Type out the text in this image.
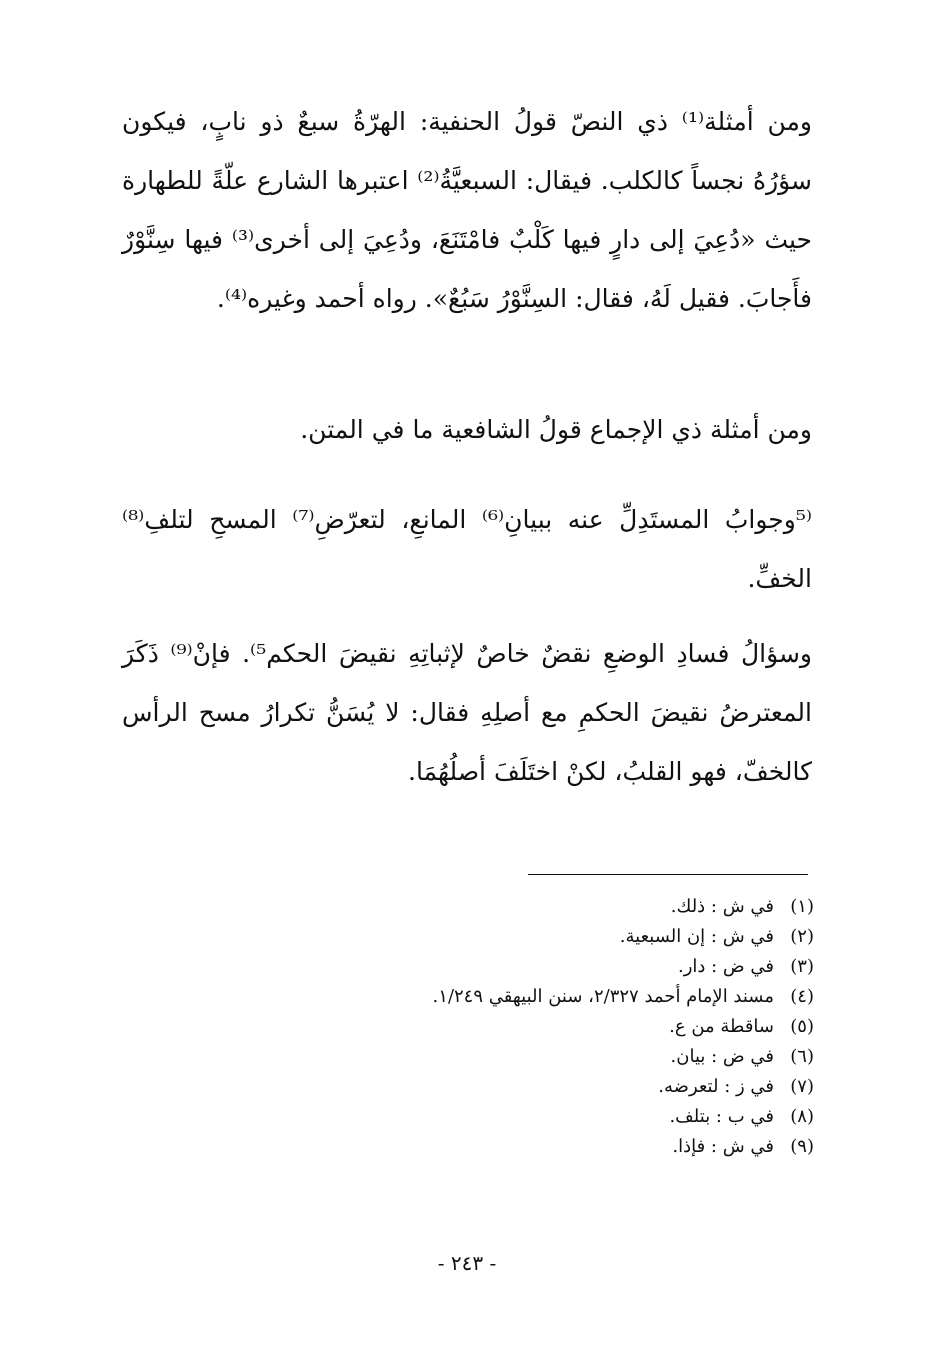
ومن أمثلة⁽¹⁾ ذي النصّ قولُ الحنفية: الهرّةُ سبعٌ ذو نابٍ، فيكون سؤرُهُ نجساً كالكلب. فيقال: السبعيَّةُ⁽²⁾ اعتبرها الشارع علّةً للطهارة حيث «دُعِيَ إلى دارٍ فيها كَلْبٌ فامْتَنَعَ، ودُعِيَ إلى أخرى⁽³⁾ فيها سِنَّوْرٌ فأَجابَ. فقيل لَهُ، فقال: السِنَّوْرُ سَبُعٌ». رواه أحمد وغيره⁽⁴⁾.

ومن أمثلة ذي الإجماع قولُ الشافعية ما في المتن.

⁽⁵وجوابُ المستَدِلِّ عنه ببيانِ⁽⁶⁾ المانعِ، لتعرّضِ⁽⁷⁾ المسحِ لتلفِ⁽⁸⁾ الخفِّ.

وسؤالُ فسادِ الوضعِ نقضٌ خاصٌ لإثباتِهِ نقيضَ الحكم⁵⁾. فإنْ⁽⁹⁾ ذَكَرَ المعترضُ نقيضَ الحكمِ مع أصلِهِ فقال: لا يُسَنُّ تكرارُ مسح الرأس كالخفّ، فهو القلبُ، لكنْ اختَلَفَ أصلُهُمَا.

(١)
في ش : ذلك.
(٢)
في ش : إن السبعية.
(٣)
في ض : دار.
(٤)
مسند الإمام أحمد ٢/٣٢٧، سنن البيهقي ١/٢٤٩.
(٥)
ساقطة من ع.
(٦)
في ض : بيان.
(٧)
في ز : لتعرضه.
(٨)
في ب : بتلف.
(٩)
في ش : فإذا.
- ٢٤٣ -
